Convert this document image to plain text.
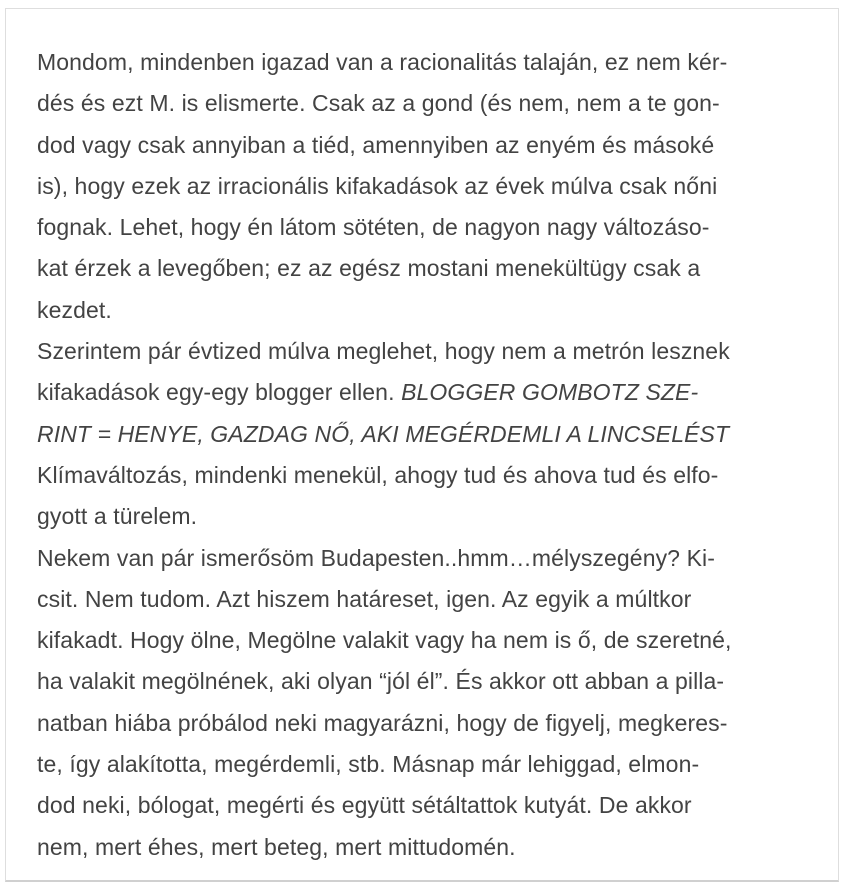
Mondom, mindenben igazad van a racionalitás talaján, ez nem kér-
dés és ezt M. is elismerte. Csak az a gond (és nem, nem a te gon-
dod vagy csak annyiban a tiéd, amennyiben az enyém és másoké
is), hogy ezek az irracionális kifakadások az évek múlva csak nőni
fognak. Lehet, hogy én látom sötéten, de nagyon nagy változáso-
kat érzek a levegőben; ez az egész mostani menekültügy csak a
kezdet.
Szerintem pár évtized múlva meglehet, hogy nem a metrón lesznek
kifakadások egy-egy blogger ellen. BLOGGER GOMBOTZ SZE-
RINT = HENYE, GAZDAG NŐ, AKI MEGÉRDEMLI A LINCSELÉST
Klímaváltozás, mindenki menekül, ahogy tud és ahova tud és elfo-
gyott a türelem.
Nekem van pár ismerősöm Budapesten..hmm…mélyszegény? Ki-
csit. Nem tudom. Azt hiszem határeset, igen. Az egyik a múltkor
kifakadt. Hogy ölne, Megölne valakit vagy ha nem is ő, de szeretné,
ha valakit megölnének, aki olyan “jól él”. És akkor ott abban a pilla-
natban hiába próbálod neki magyarázni, hogy de figyelj, megkeres-
te, így alakította, megérdemli, stb. Másnap már lehiggad, elmon-
dod neki, bólogat, megérti és együtt sétáltattok kutyát. De akkor
nem, mert éhes, mert beteg, mert mittudomén.
